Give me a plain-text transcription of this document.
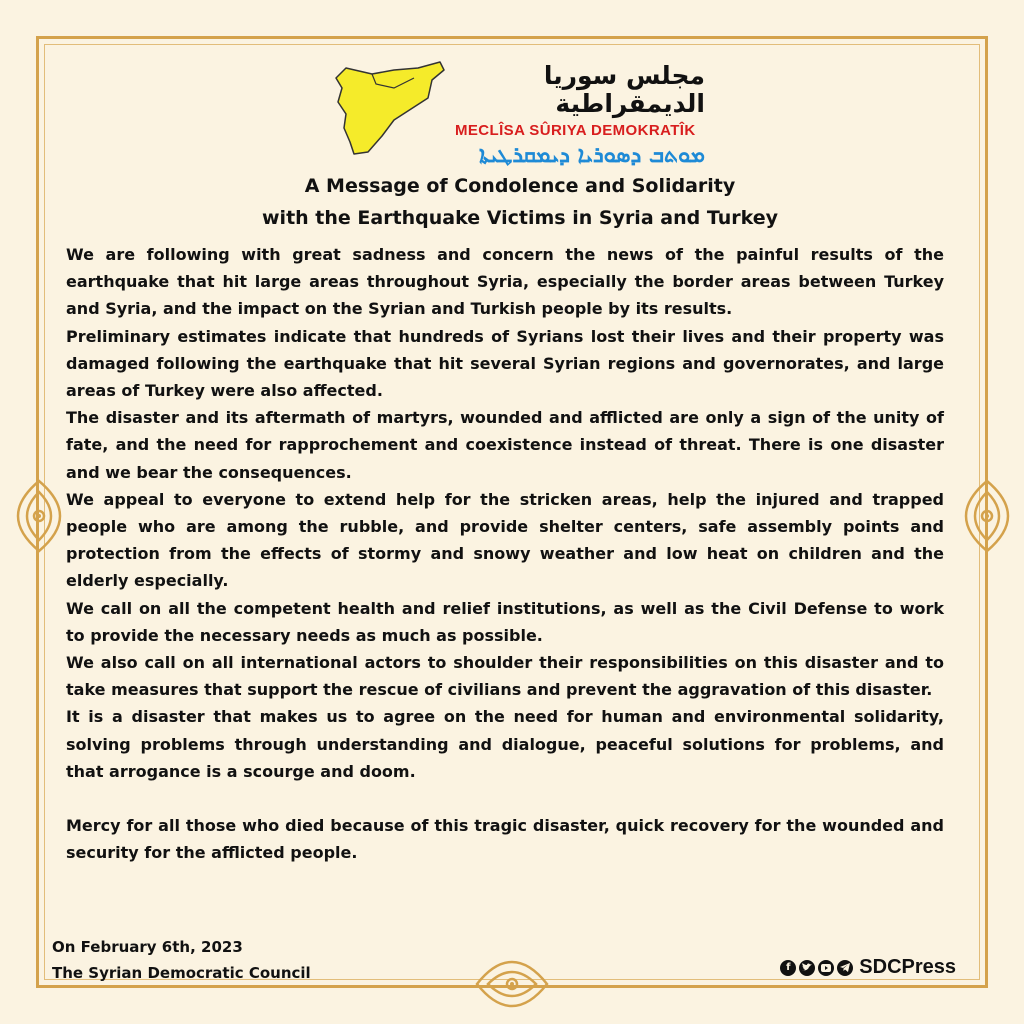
مجلس سوريا الديمقراطية
MECLÎSA SÛRIYA DEMOKRATÎK
ܡܘܬܒ ܕܣܘܪܝܐ ܕܝܡܩܪܛܝܬܐ
A Message of Condolence and Solidarity
with the Earthquake Victims in Syria and Turkey

We are following with great sadness and concern the news of the painful results of the earthquake that hit large areas throughout Syria, especially the border areas between Turkey and Syria, and the impact on the Syrian and Turkish people by its results.

Preliminary estimates indicate that hundreds of Syrians lost their lives and their property was damaged following the earthquake that hit several Syrian regions and governorates, and large areas of Turkey were also affected.

The disaster and its aftermath of martyrs, wounded and afflicted are only a sign of the unity of fate, and the need for rapprochement and coexistence instead of threat. There is one disaster and we bear the consequences.

We appeal to everyone to extend help for the stricken areas, help the injured and trapped people who are among the rubble, and provide shelter centers, safe assembly points and protection from the effects of stormy and snowy weather and low heat on children and the elderly especially.

We call on all the competent health and relief institutions, as well as the Civil Defense to work to provide the necessary needs as much as possible.

We also call on all international actors to shoulder their responsibilities on this disaster and to take measures that support the rescue of civilians and prevent the aggravation of this disaster.

It is a disaster that makes us to agree on the need for human and environmental solidarity, solving problems through understanding and dialogue, peaceful solutions for problems, and that arrogance is a scourge and doom.

Mercy for all those who died because of this tragic disaster, quick recovery for the wounded and security for the afflicted people.

On February 6th, 2023
The Syrian Democratic Council	f	SDCPress
